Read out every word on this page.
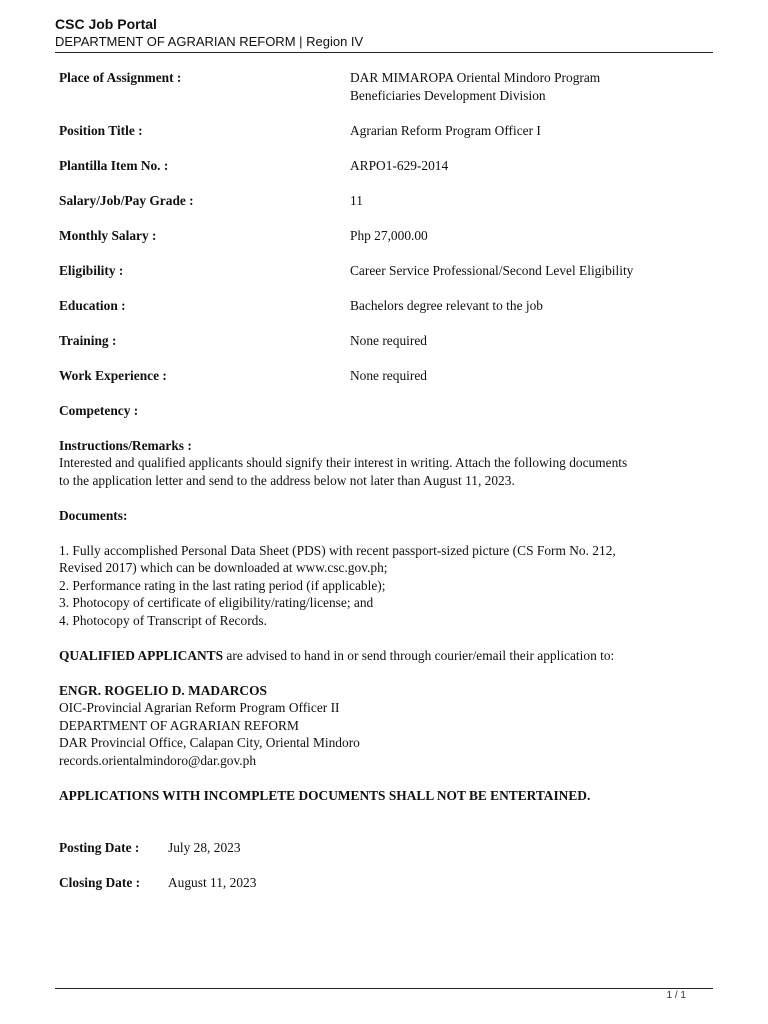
CSC Job Portal
DEPARTMENT OF AGRARIAN REFORM | Region IV
Place of Assignment :	DAR MIMAROPA Oriental Mindoro Program
Beneficiaries Development Division
Position Title :	Agrarian Reform Program Officer I
Plantilla Item No. :	ARPO1-629-2014
Salary/Job/Pay Grade :	11
Monthly Salary :	Php 27,000.00
Eligibility :	Career Service Professional/Second Level Eligibility
Education :	Bachelors degree relevant to the job
Training :	None required
Work Experience :	None required
Competency :
Instructions/Remarks :
Interested and qualified applicants should signify their interest in writing. Attach the following documents
to the application letter and send to the address below not later than August 11, 2023.
Documents:
1. Fully accomplished Personal Data Sheet (PDS) with recent passport-sized picture (CS Form No. 212,
Revised 2017) which can be downloaded at www.csc.gov.ph;
2. Performance rating in the last rating period (if applicable);
3. Photocopy of certificate of eligibility/rating/license; and
4. Photocopy of Transcript of Records.
QUALIFIED APPLICANTS are advised to hand in or send through courier/email their application to:
ENGR. ROGELIO D. MADARCOS
OIC-Provincial Agrarian Reform Program Officer II
DEPARTMENT OF AGRARIAN REFORM
DAR Provincial Office, Calapan City, Oriental Mindoro
records.orientalmindoro@dar.gov.ph
APPLICATIONS WITH INCOMPLETE DOCUMENTS SHALL NOT BE ENTERTAINED.
Posting Date :	July 28, 2023
Closing Date :	August 11, 2023
1 / 1
